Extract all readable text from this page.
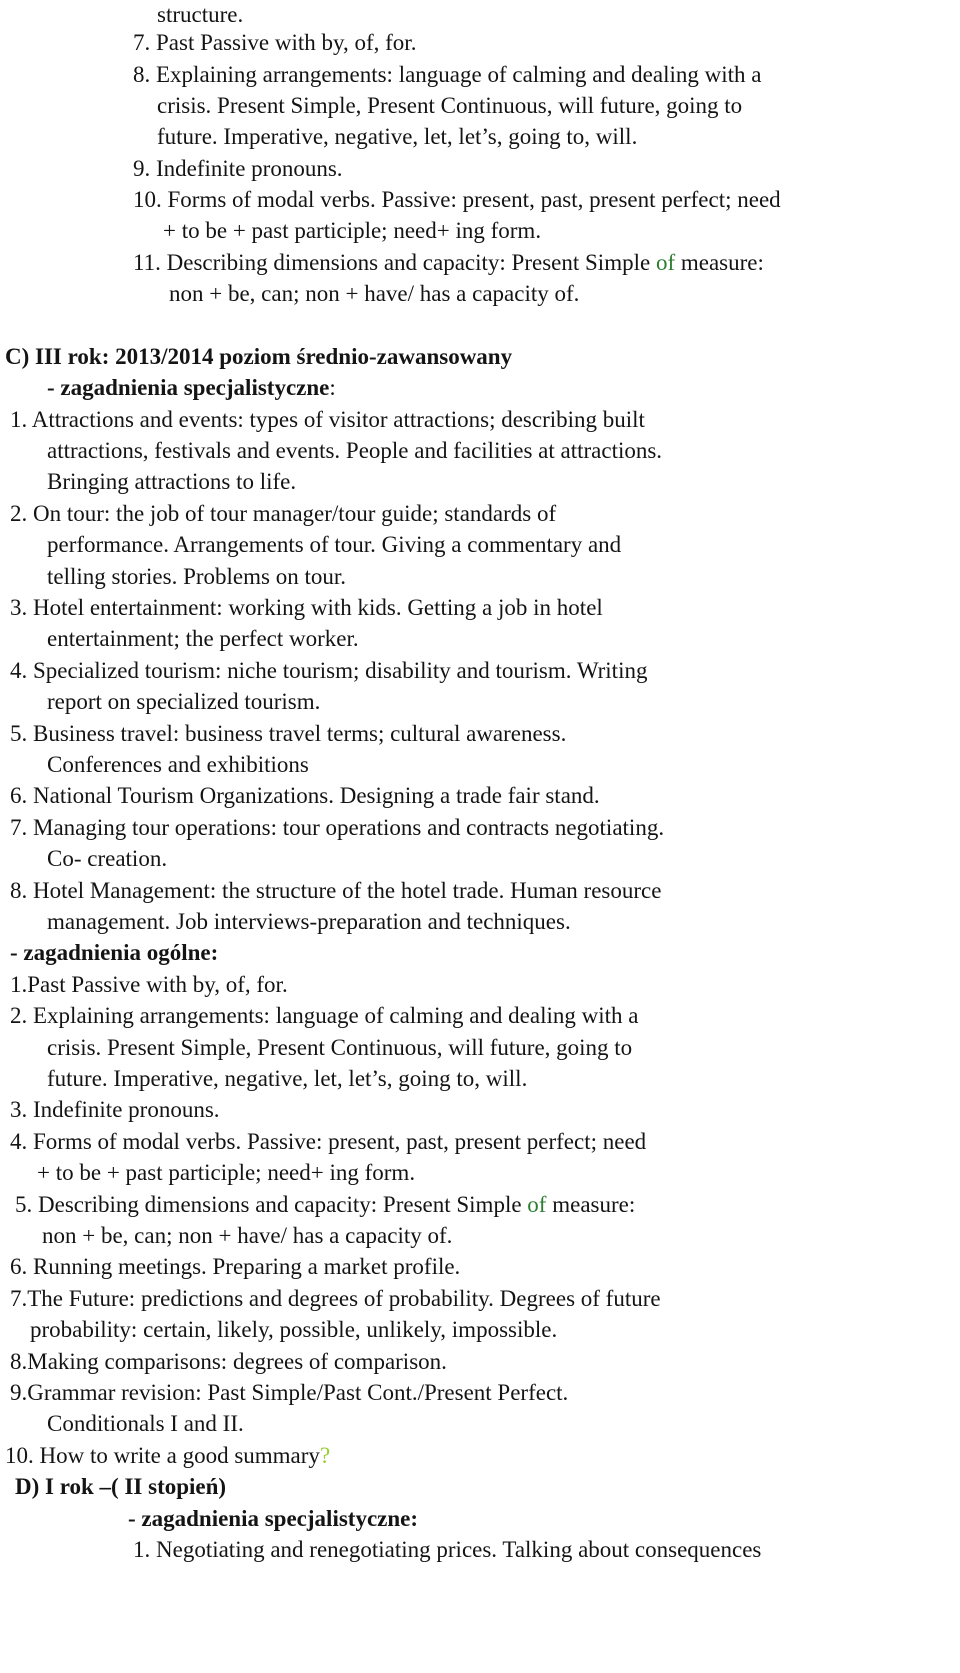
structure.
7. Past Passive with by, of, for.
8. Explaining arrangements: language of calming and dealing with a
crisis. Present Simple, Present Continuous, will future, going to
future. Imperative, negative, let, let’s, going to, will.
9. Indefinite pronouns.
10. Forms of modal verbs. Passive: present, past, present perfect; need
+ to be + past participle; need+ ing form.
11. Describing dimensions and capacity: Present Simple of measure:
non + be, can; non + have/ has a capacity of.
C) III rok: 2013/2014 poziom średnio-zawansowany
- zagadnienia specjalistyczne:
1. Attractions and events: types of visitor attractions; describing built
attractions, festivals and events. People and facilities at attractions.
Bringing attractions to life.
2. On tour: the job of tour manager/tour guide; standards of
performance. Arrangements of tour. Giving a commentary and
telling stories. Problems on tour.
3. Hotel entertainment: working with kids. Getting a job in hotel
entertainment; the perfect worker.
4. Specialized tourism: niche tourism; disability and tourism. Writing
report on specialized tourism.
5. Business travel: business travel terms; cultural awareness.
Conferences and exhibitions
6. National Tourism Organizations. Designing a trade fair stand.
7. Managing tour operations: tour operations and contracts negotiating.
Co- creation.
8. Hotel Management: the structure of the hotel trade. Human resource
management. Job interviews-preparation and techniques.
- zagadnienia ogólne:
1.Past Passive with by, of, for.
2. Explaining arrangements: language of calming and dealing with a
crisis. Present Simple, Present Continuous, will future, going to
future. Imperative, negative, let, let’s, going to, will.
3. Indefinite pronouns.
4. Forms of modal verbs. Passive: present, past, present perfect; need
+ to be + past participle; need+ ing form.
5. Describing dimensions and capacity: Present Simple of measure:
non + be, can; non + have/ has a capacity of.
6. Running meetings. Preparing a market profile.
7.The Future: predictions and degrees of probability. Degrees of future
probability: certain, likely, possible, unlikely, impossible.
8.Making comparisons: degrees of comparison.
9.Grammar revision: Past Simple/Past Cont./Present Perfect.
Conditionals I and II.
10. How to write a good summary?
D) I rok –( II stopień)
- zagadnienia specjalistyczne:
1. Negotiating and renegotiating prices. Talking about consequences
